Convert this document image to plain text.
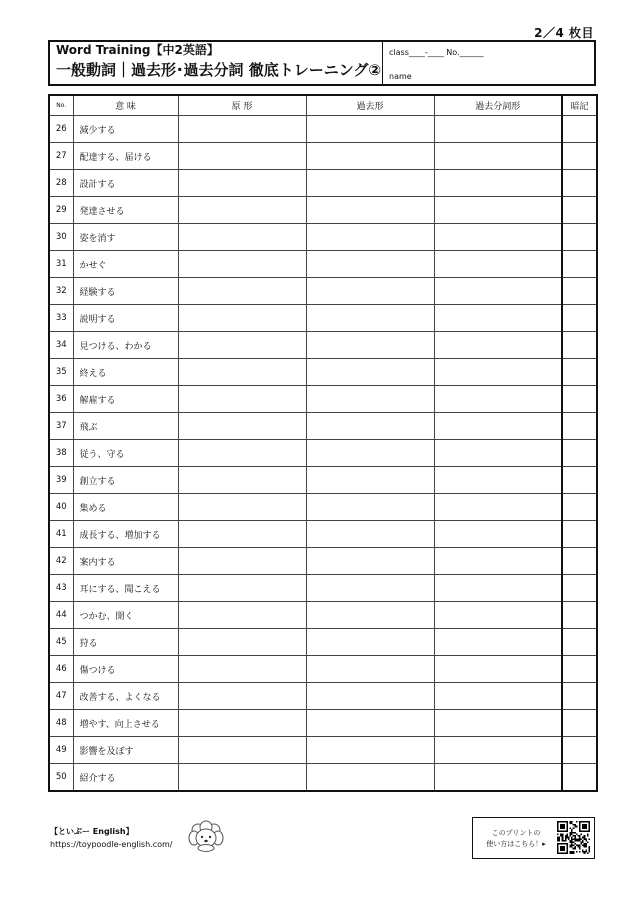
2／4 枚目
Word Training【中2英語】
一般動詞｜過去形･過去分詞 徹底トレーニング②
class____-____ No.______
name
No.	意 味	原 形	過去形	過去分詞形	暗記
26	減少する				
27	配達する、届ける				
28	設計する				
29	発達させる				
30	姿を消す				
31	かせぐ				
32	経験する				
33	説明する				
34	見つける、わかる				
35	終える				
36	解雇する				
37	飛ぶ				
38	従う、守る				
39	創立する				
40	集める				
41	成長する、増加する				
42	案内する				
43	耳にする、聞こえる				
44	つかむ、開く				
45	狩る				
46	傷つける				
47	改善する、よくなる				
48	増やす、向上させる				
49	影響を及ぼす				
50	紹介する				
【といぷー English】
https://toypoodle-english.com/
このプリントの
使い方はこちら！▸
